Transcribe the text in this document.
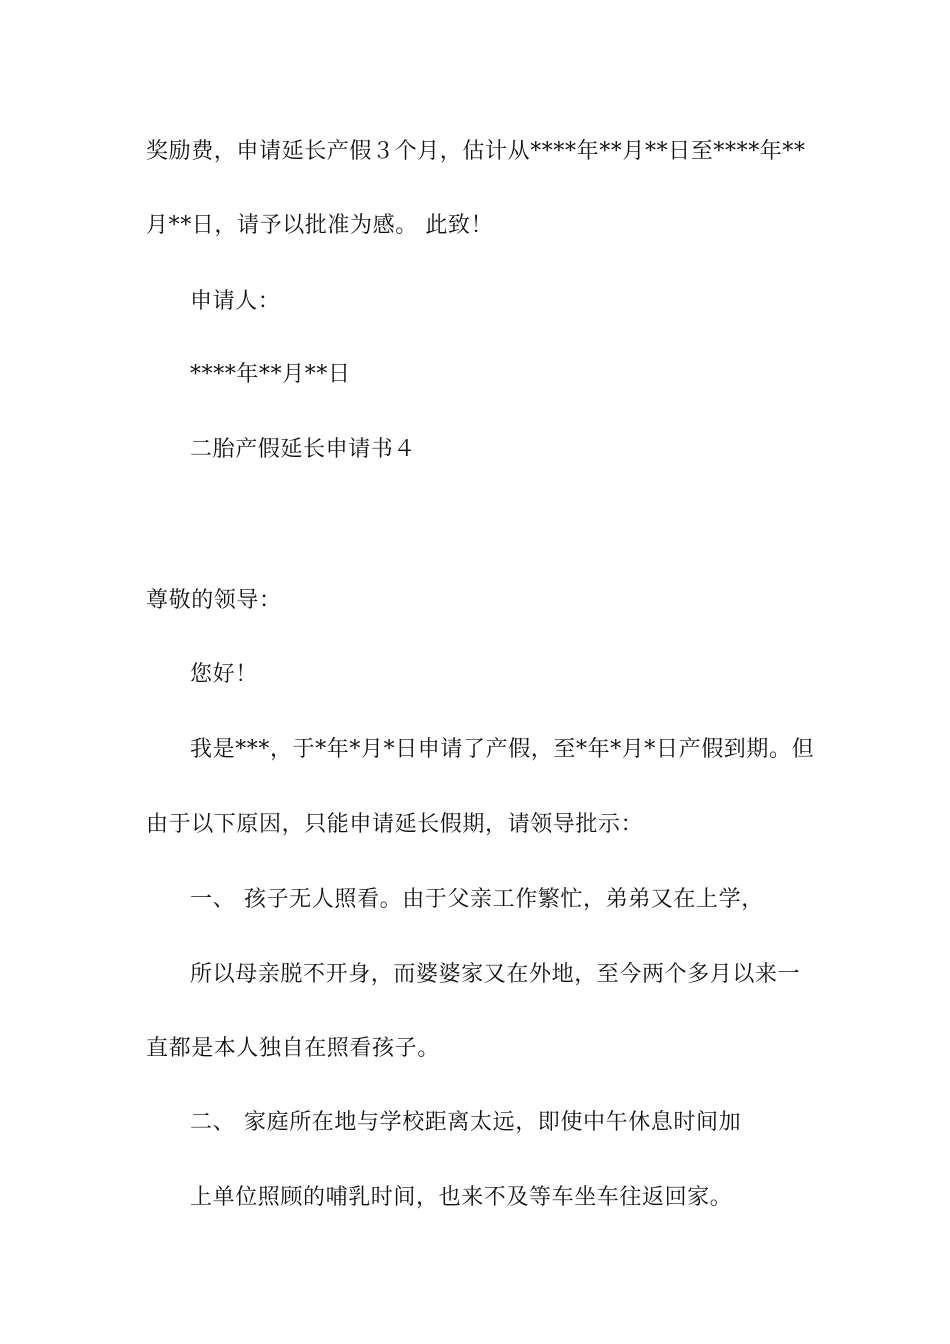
奖励费，申请延长产假３个月，估计从****年**月**日至****年**
月**日，请予以批准为感。 此致！
申请人：
****年**月**日
二胎产假延长申请书４
尊敬的领导：
您好！
我是***，于*年*月*日申请了产假，至*年*月*日产假到期。但
由于以下原因，只能申请延长假期，请领导批示：
一、 孩子无人照看。由于父亲工作繁忙，弟弟又在上学，
所以母亲脱不开身，而婆婆家又在外地，至今两个多月以来一
直都是本人独自在照看孩子。
二、 家庭所在地与学校距离太远，即使中午休息时间加
上单位照顾的哺乳时间，也来不及等车坐车往返回家。
